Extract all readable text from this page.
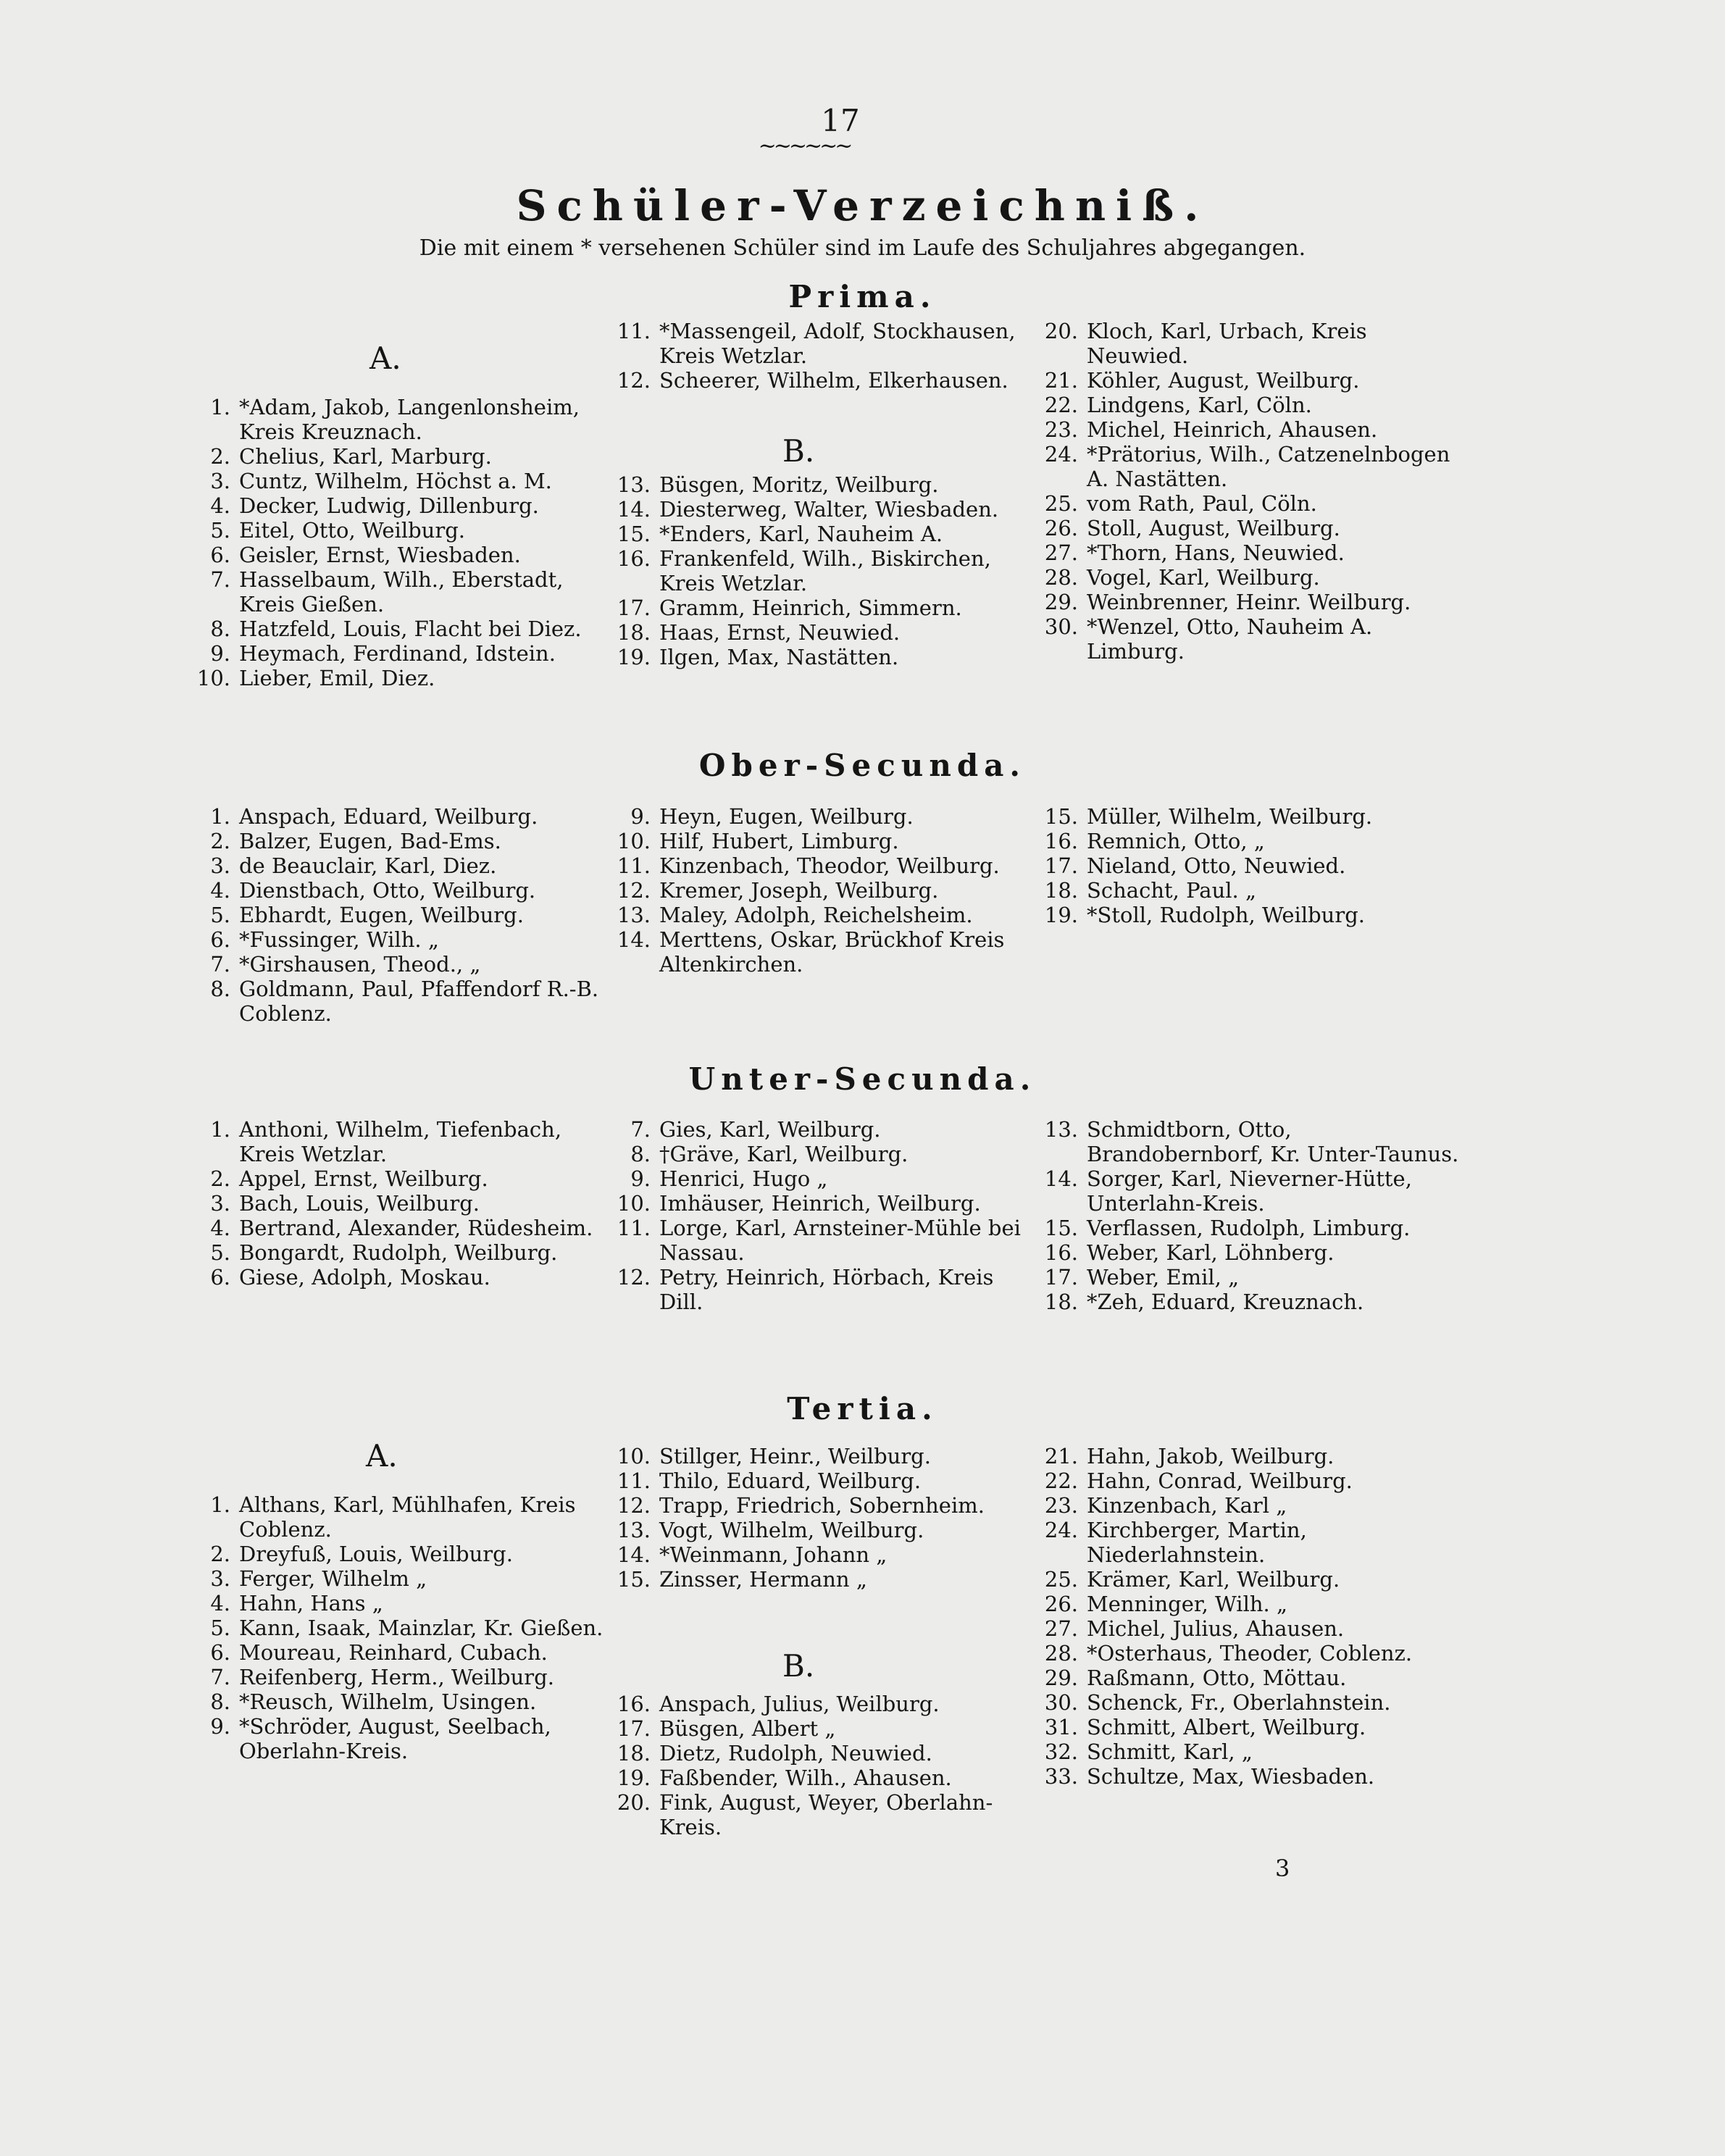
17
~~~~~~
Schüler-Verzeichniß.
Die mit einem * versehenen Schüler sind im Laufe des Schuljahres abgegangen.
Prima.
A.
1. *Adam, Jakob, Langenlonsheim, Kreis Kreuznach.
2. Chelius, Karl, Marburg.
3. Cuntz, Wilhelm, Höchst a. M.
4. Decker, Ludwig, Dillenburg.
5. Eitel, Otto, Weilburg.
6. Geisler, Ernst, Wiesbaden.
7. Hasselbaum, Wilh., Eberstadt, Kreis Gießen.
8. Hatzfeld, Louis, Flacht bei Diez.
9. Heymach, Ferdinand, Idstein.
10. Lieber, Emil, Diez.
11. *Massengeil, Adolf, Stockhausen, Kreis Wetzlar.
12. Scheerer, Wilhelm, Elkerhausen.
B.
13. Büsgen, Moritz, Weilburg.
14. Diesterweg, Walter, Wiesbaden.
15. *Enders, Karl, Nauheim A.
16. Frankenfeld, Wilh., Biskirchen, Kreis Wetzlar.
17. Gramm, Heinrich, Simmern.
18. Haas, Ernst, Neuwied.
19. Ilgen, Max, Nastätten.
20. Kloch, Karl, Urbach, Kreis Neuwied.
21. Köhler, August, Weilburg.
22. Lindgens, Karl, Cöln.
23. Michel, Heinrich, Ahausen.
24. *Prätorius, Wilh., Catzenelnbogen A. Nastätten.
25. vom Rath, Paul, Cöln.
26. Stoll, August, Weilburg.
27. *Thorn, Hans, Neuwied.
28. Vogel, Karl, Weilburg.
29. Weinbrenner, Heinr. Weilburg.
30. *Wenzel, Otto, Nauheim A. Limburg.
Ober-Secunda.
1. Anspach, Eduard, Weilburg.
2. Balzer, Eugen, Bad-Ems.
3. de Beauclair, Karl, Diez.
4. Dienstbach, Otto, Weilburg.
5. Ebhardt, Eugen, Weilburg.
6. *Fussinger, Wilh. „
7. *Girshausen, Theod., „
8. Goldmann, Paul, Pfaffendorf R.-B. Coblenz.
9. Heyn, Eugen, Weilburg.
10. Hilf, Hubert, Limburg.
11. Kinzenbach, Theodor, Weilburg.
12. Kremer, Joseph, Weilburg.
13. Maley, Adolph, Reichelsheim.
14. Merttens, Oskar, Brückhof Kreis Altenkirchen.
15. Müller, Wilhelm, Weilburg.
16. Remnich, Otto, „
17. Nieland, Otto, Neuwied.
18. Schacht, Paul. „
19. *Stoll, Rudolph, Weilburg.
Unter-Secunda.
1. Anthoni, Wilhelm, Tiefenbach, Kreis Wetzlar.
2. Appel, Ernst, Weilburg.
3. Bach, Louis, Weilburg.
4. Bertrand, Alexander, Rüdesheim.
5. Bongardt, Rudolph, Weilburg.
6. Giese, Adolph, Moskau.
7. Gies, Karl, Weilburg.
8. †Gräve, Karl, Weilburg.
9. Henrici, Hugo „
10. Imhäuser, Heinrich, Weilburg.
11. Lorge, Karl, Arnsteiner-Mühle bei Nassau.
12. Petry, Heinrich, Hörbach, Kreis Dill.
13. Schmidtborn, Otto, Brandobernborf, Kr. Unter-Taunus.
14. Sorger, Karl, Nieverner-Hütte, Unterlahn-Kreis.
15. Verflassen, Rudolph, Limburg.
16. Weber, Karl, Löhnberg.
17. Weber, Emil, „
18. *Zeh, Eduard, Kreuznach.
Tertia.
A.
1. Althans, Karl, Mühlhafen, Kreis Coblenz.
2. Dreyfuß, Louis, Weilburg.
3. Ferger, Wilhelm „
4. Hahn, Hans „
5. Kann, Isaak, Mainzlar, Kr. Gießen.
6. Moureau, Reinhard, Cubach.
7. Reifenberg, Herm., Weilburg.
8. *Reusch, Wilhelm, Usingen.
9. *Schröder, August, Seelbach, Oberlahn-Kreis.
10. Stillger, Heinr., Weilburg.
11. Thilo, Eduard, Weilburg.
12. Trapp, Friedrich, Sobernheim.
13. Vogt, Wilhelm, Weilburg.
14. *Weinmann, Johann „
15. Zinsser, Hermann „
B.
16. Anspach, Julius, Weilburg.
17. Büsgen, Albert „
18. Dietz, Rudolph, Neuwied.
19. Faßbender, Wilh., Ahausen.
20. Fink, August, Weyer, Oberlahn-Kreis.
21. Hahn, Jakob, Weilburg.
22. Hahn, Conrad, Weilburg.
23. Kinzenbach, Karl „
24. Kirchberger, Martin, Niederlahnstein.
25. Krämer, Karl, Weilburg.
26. Menninger, Wilh. „
27. Michel, Julius, Ahausen.
28. *Osterhaus, Theoder, Coblenz.
29. Raßmann, Otto, Möttau.
30. Schenck, Fr., Oberlahnstein.
31. Schmitt, Albert, Weilburg.
32. Schmitt, Karl, „
33. Schultze, Max, Wiesbaden.
3
